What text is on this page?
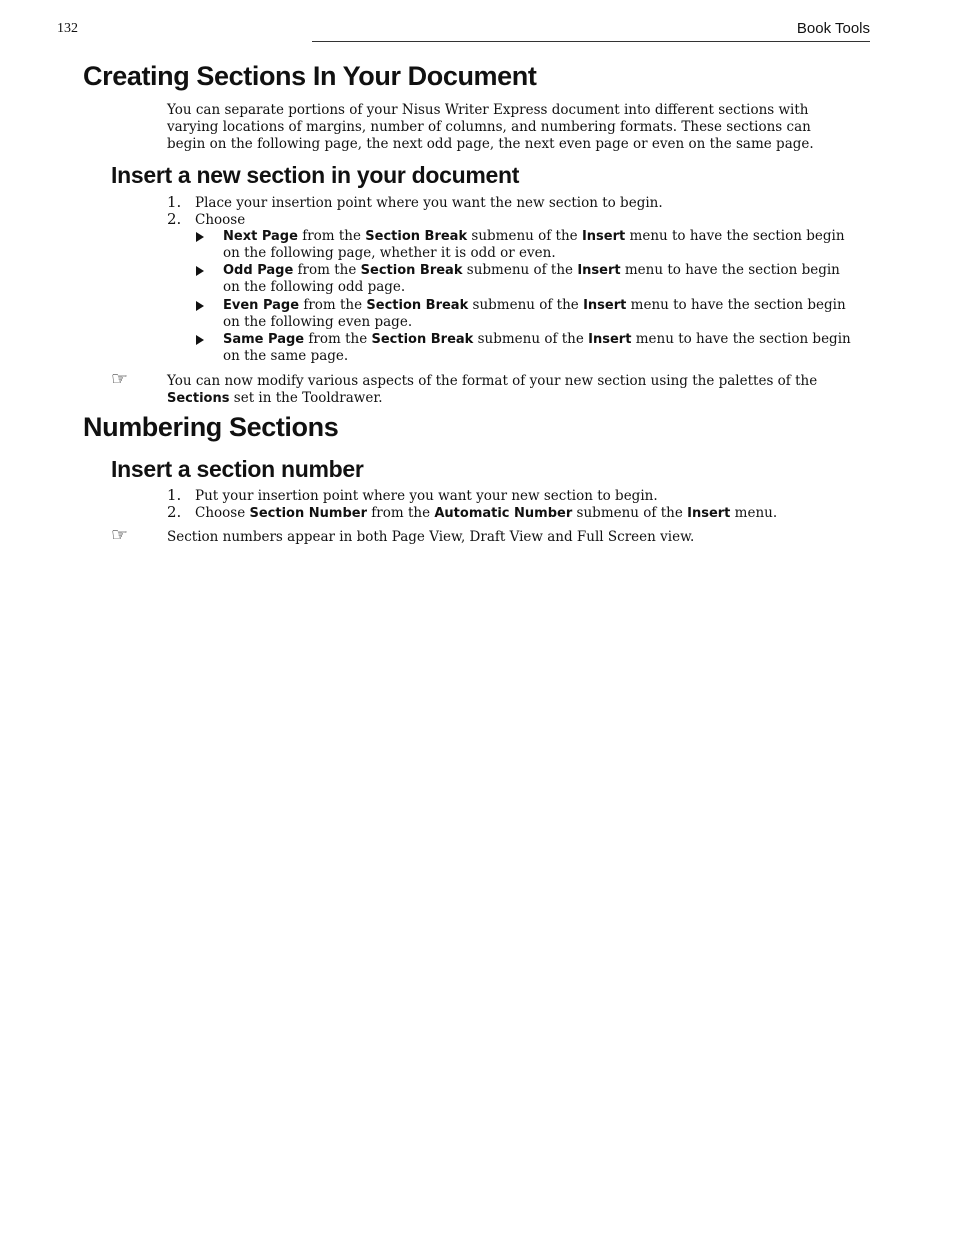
132	Book Tools
Creating Sections In Your Document

You can separate portions of your Nisus Writer Express document into different sections with varying locations of margins, number of columns, and numbering formats. These sections can begin on the following page, the next odd page, the next even page or even on the same page.

Insert a new section in your document
1. Place your insertion point where you want the new section to begin.
2. Choose
Next Page from the Section Break submenu of the Insert menu to have the section begin
on the following page, whether it is odd or even.
Odd Page from the Section Break submenu of the Insert menu to have the section begin
on the following odd page.
Even Page from the Section Break submenu of the Insert menu to have the section begin
on the following even page.
Same Page from the Section Break submenu of the Insert menu to have the section begin
on the same page.
☞	You can now modify various aspects of the format of your new section using the palettes of the
Sections set in the Tooldrawer.
Numbering Sections
Insert a section number
1. Put your insertion point where you want your new section to begin.
2. Choose Section Number from the Automatic Number submenu of the Insert menu.
☞	Section numbers appear in both Page View, Draft View and Full Screen view.
